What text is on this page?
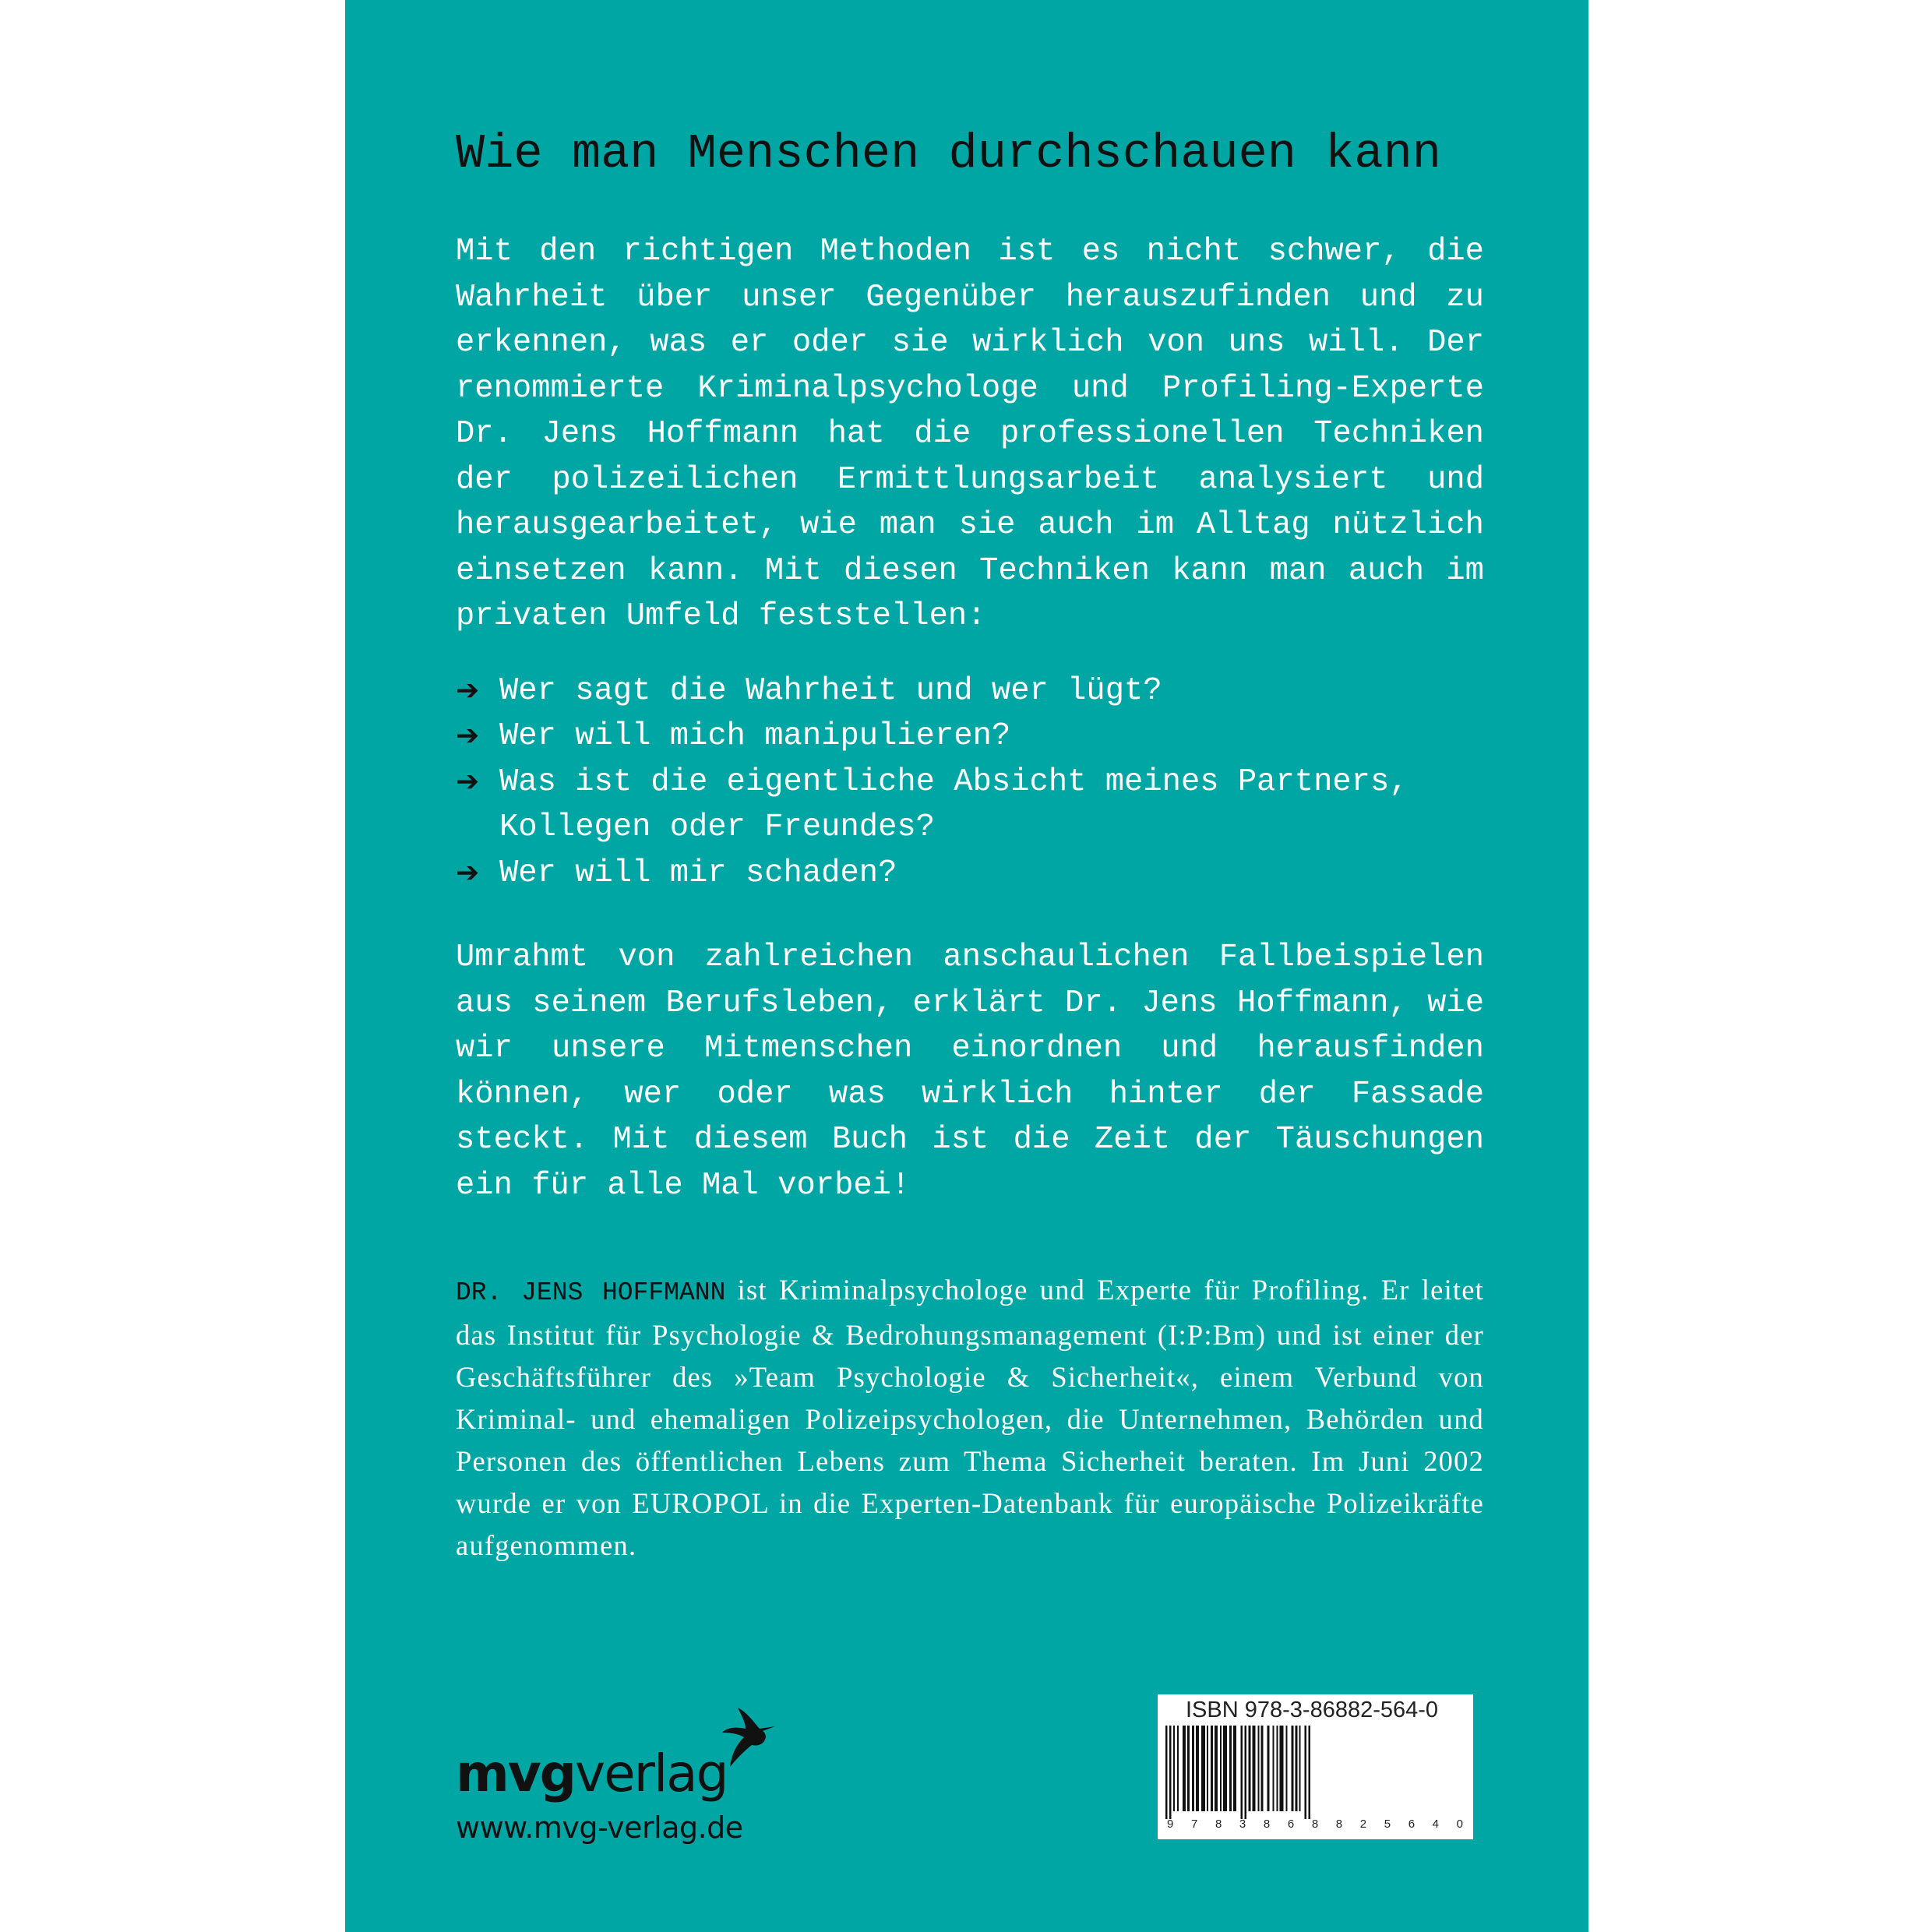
Wie man Menschen durchschauen kann

Mit den richtigen Methoden ist es nicht schwer, die Wahrheit über unser Gegenüber herauszufinden und zu erkennen, was er oder sie wirklich von uns will. Der renommierte Kriminalpsychologe und Profiling-Experte Dr. Jens Hoffmann hat die professionellen Techniken der polizeilichen Ermittlungsarbeit analysiert und herausgearbeitet, wie man sie auch im Alltag nützlich einsetzen kann. Mit diesen Techniken kann man auch im privaten Umfeld feststellen:

➔ Wer sagt die Wahrheit und wer lügt?
➔ Wer will mich manipulieren?
➔ Was ist die eigentliche Absicht meines Partners, Kollegen oder Freundes?
➔ Wer will mir schaden?

Umrahmt von zahlreichen anschaulichen Fallbeispielen aus seinem Berufsleben, erklärt Dr. Jens Hoffmann, wie wir unsere Mitmenschen einordnen und herausfinden können, wer oder was wirklich hinter der Fassade steckt. Mit diesem Buch ist die Zeit der Täuschungen ein für alle Mal vorbei!

DR. JENS HOFFMANN ist Kriminalpsychologe und Experte für Profiling. Er leitet das Institut für Psychologie & Bedrohungsmanagement (I:P:Bm) und ist einer der Geschäftsführer des »Team Psychologie & Sicherheit«, einem Verbund von Kriminal- und ehemaligen Polizeipsychologen, die Unternehmen, Behörden und Personen des öffentlichen Lebens zum Thema Sicherheit beraten. Im Juni 2002 wurde er von EUROPOL in die Experten-Datenbank für europäische Polizeikräfte aufgenommen.

mvgverlag
www.mvg-verlag.de
ISBN 978-3-86882-564-0
9 7 8 3 8 6 8 8 2 5 6 4 0
